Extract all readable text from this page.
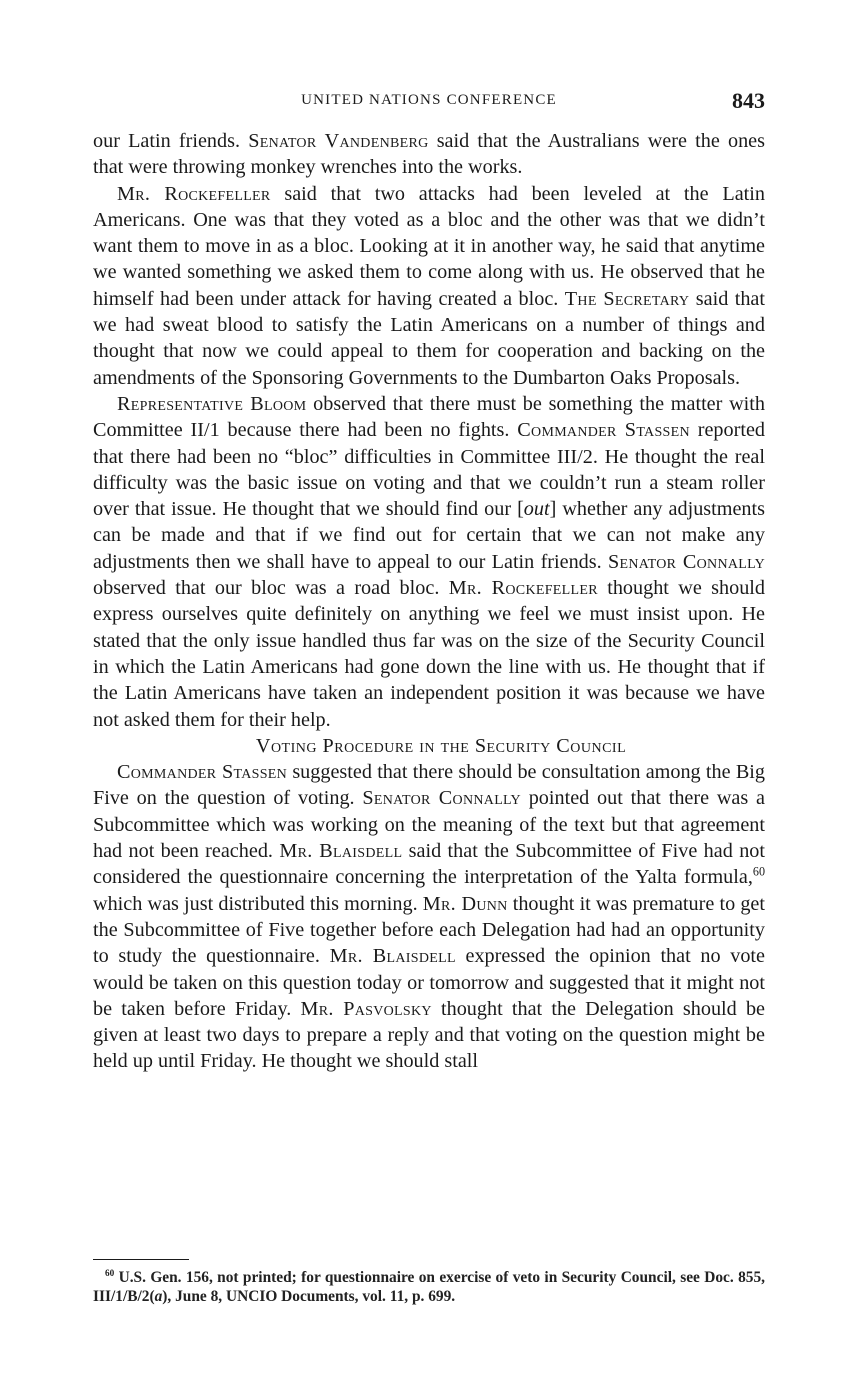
UNITED NATIONS CONFERENCE	843

our Latin friends. Senator Vandenberg said that the Australians were the ones that were throwing monkey wrenches into the works.

Mr. Rockefeller said that two attacks had been leveled at the Latin Americans. One was that they voted as a bloc and the other was that we didn’t want them to move in as a bloc. Looking at it in another way, he said that anytime we wanted something we asked them to come along with us. He observed that he himself had been under attack for having created a bloc. The Secretary said that we had sweat blood to satisfy the Latin Americans on a number of things and thought that now we could appeal to them for cooperation and backing on the amendments of the Sponsoring Governments to the Dumbarton Oaks Proposals.

Representative Bloom observed that there must be something the matter with Committee II/1 because there had been no fights. Commander Stassen reported that there had been no “bloc” difficulties in Committee III/2. He thought the real difficulty was the basic issue on voting and that we couldn’t run a steam roller over that issue. He thought that we should find our [out] whether any adjustments can be made and that if we find out for certain that we can not make any adjustments then we shall have to appeal to our Latin friends. Senator Connally observed that our bloc was a road bloc. Mr. Rockefeller thought we should express ourselves quite definitely on anything we feel we must insist upon. He stated that the only issue handled thus far was on the size of the Security Council in which the Latin Americans had gone down the line with us. He thought that if the Latin Americans have taken an independent position it was because we have not asked them for their help.

Voting Procedure in the Security Council

Commander Stassen suggested that there should be consultation among the Big Five on the question of voting. Senator Connally pointed out that there was a Subcommittee which was working on the meaning of the text but that agreement had not been reached. Mr. Blaisdell said that the Subcommittee of Five had not considered the questionnaire concerning the interpretation of the Yalta formula,$^{60}$ which was just distributed this morning. Mr. Dunn thought it was premature to get the Subcommittee of Five together before each Delegation had had an opportunity to study the questionnaire. Mr. Blaisdell expressed the opinion that no vote would be taken on this question today or tomorrow and suggested that it might not be taken before Friday. Mr. Pasvolsky thought that the Delegation should be given at least two days to prepare a reply and that voting on the question might be held up until Friday. He thought we should stall

$^{60}$ U.S. Gen. 156, not printed; for questionnaire on exercise of veto in Security Council, see Doc. 855, III/1/B/2(a), June 8, UNCIO Documents, vol. 11, p. 699.
